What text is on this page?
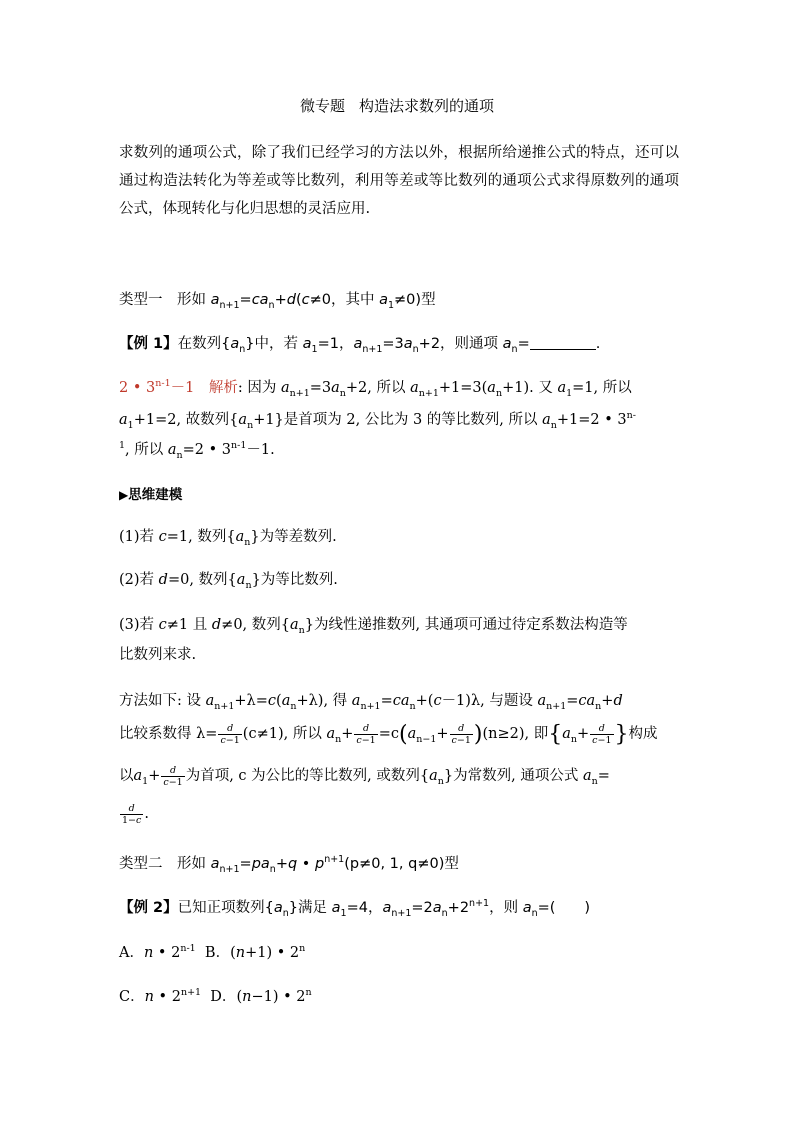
微专题 构造法求数列的通项
求数列的通项公式，除了我们已经学习的方法以外，根据所给递推公式的特点，还可以通过构造法转化为等差或等比数列，利用等差或等比数列的通项公式求得原数列的通项公式，体现转化与化归思想的灵活应用.
类型一　形如 $a_{n+1}=ca_n+d(c\ne 0$，其中 $a_1\ne 0$)型
【例 1】在数列$\{a_n\}$中，若 $a_1=1$，$a_{n+1}=3a_n+2$，则通项 $a_n=$	.
2 • $3^{n-1}-1$　 解析: 因为 $a_{n+1}=3a_n+2$, 所以 $a_{n+1}+1=3(a_n+1)$. 又 $a_1=1$, 所以
$a_1+1=2$, 故数列$\{a_n+1\}$是首项为 2, 公比为 3 的等比数列, 所以 $a_n+1=2$ • $3^{n-}$
$^1$, 所以 $a_n=2$ • $3^{n-1}-1$.
▶思维建模
(1)若 c=1, 数列$\{a_n\}$为等差数列.
(2)若 d=0, 数列$\{a_n\}$为等比数列.
(3)若 c≠1 且 d≠0, 数列$\{a_n\}$为线性递推数列, 其通项可通过待定系数法构造等
比数列来求.
方法如下: 设 $a_{n+1}+\lambda=c(a_n+\lambda)$, 得 $a_{n+1}=ca_n+(c-1)\lambda$, 与题设 $a_{n+1}=ca_n+d$
比较系数得 $\lambda= \frac{d}{c-1} (c\ne 1)$, 所以 $a_n+ \frac{d}{c-1} =c(a_{n-1}+ \frac{d}{c-1} )(n\ge 2)$, 即{$a_n+ \frac{d}{c-1}$ }构成
以$a_1+ \frac{d}{c-1}$ 为首项, c 为公比的等比数列, 或数列$\{a_n\}$为常数列, 通项公式 $a_n=$
$\frac{d}{1-c}$ .
类型二　形如 $a_{n+1}=pa_n+q$ • $p^{n+1}(p\ne 0$, 1, q≠0)型
【例 2】已知正项数列$\{a_n\}$满足 $a_1=4$，$a_{n+1}=2a_n+2^{n+1}$，则 $a_n=$(　　)
A．n • 2$^{n-1}$ B．(n+1) • 2$^n$
C．n • $2^{n+1}$ D．(n−1) • 2$^n$
